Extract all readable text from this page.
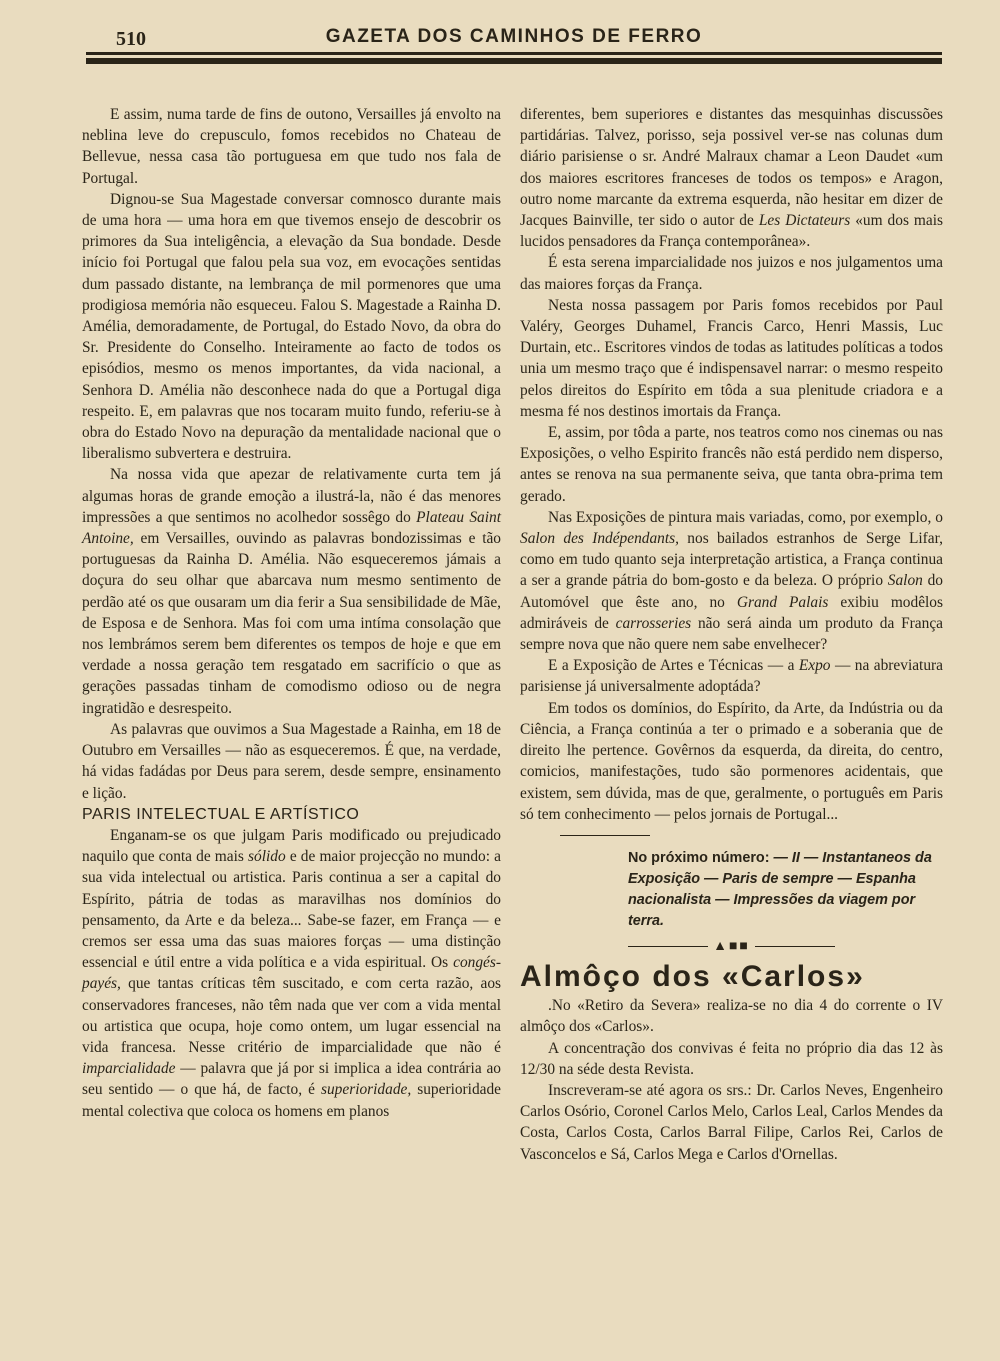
510	GAZETA DOS CAMINHOS DE FERRO

E assim, numa tarde de fins de outono, Versailles já envolto na neblina leve do crepusculo, fomos recebidos no Chateau de Bellevue, nessa casa tão portuguesa em que tudo nos fala de Portugal.

Dignou-se Sua Magestade conversar comnosco durante mais de uma hora — uma hora em que tivemos ensejo de descobrir os primores da Sua inteligência, a elevação da Sua bondade. Desde início foi Portugal que falou pela sua voz, em evocações sentidas dum passado distante, na lembrança de mil pormenores que uma prodigiosa memória não esqueceu. Falou S. Magestade a Rainha D. Amélia, demoradamente, de Portugal, do Estado Novo, da obra do Sr. Presidente do Conselho. Inteiramente ao facto de todos os episódios, mesmo os menos importantes, da vida nacional, a Senhora D. Amélia não desconhece nada do que a Portugal diga respeito. E, em palavras que nos tocaram muito fundo, referiu-se à obra do Estado Novo na depuração da mentalidade nacional que o liberalismo subvertera e destruira.

Na nossa vida que apezar de relativamente curta tem já algumas horas de grande emoção a ilustrá-la, não é das menores impressões a que sentimos no acolhedor sossêgo do Plateau Saint Antoine, em Versailles, ouvindo as palavras bondozissimas e tão portuguesas da Rainha D. Amélia. Não esqueceremos jámais a doçura do seu olhar que abarcava num mesmo sentimento de perdão até os que ousaram um dia ferir a Sua sensibilidade de Mãe, de Esposa e de Senhora. Mas foi com uma intíma consolação que nos lembrámos serem bem diferentes os tempos de hoje e que em verdade a nossa geração tem resgatado em sacrifício o que as gerações passadas tinham de comodismo odioso ou de negra ingratidão e desrespeito.

As palavras que ouvimos a Sua Magestade a Rainha, em 18 de Outubro em Versailles — não as esqueceremos. É que, na verdade, há vidas fadádas por Deus para serem, desde sempre, ensinamento e lição.

PARIS INTELECTUAL E ARTÍSTICO

Enganam-se os que julgam Paris modificado ou prejudicado naquilo que conta de mais sólido e de maior projecção no mundo: a sua vida intelectual ou artistica. Paris continua a ser a capital do Espírito, pátria de todas as maravilhas nos domínios do pensamento, da Arte e da beleza... Sabe-se fazer, em França — e cremos ser essa uma das suas maiores forças — uma distinção essencial e útil entre a vida política e a vida espiritual. Os congés-payés, que tantas críticas têm suscitado, e com certa razão, aos conservadores franceses, não têm nada que ver com a vida mental ou artistica que ocupa, hoje como ontem, um lugar essencial na vida francesa. Nesse critério de imparcialidade que não é imparcialidade — palavra que já por si implica a idea contrária ao seu sentido — o que há, de facto, é superioridade, superioridade mental colectiva que coloca os homens em planos

diferentes, bem superiores e distantes das mesquinhas discussões partidárias. Talvez, porisso, seja possivel ver-se nas colunas dum diário parisiense o sr. André Malraux chamar a Leon Daudet «um dos maiores escritores franceses de todos os tempos» e Aragon, outro nome marcante da extrema esquerda, não hesitar em dizer de Jacques Bainville, ter sido o autor de Les Dictateurs «um dos mais lucidos pensadores da França contemporânea».

É esta serena imparcialidade nos juizos e nos julgamentos uma das maiores forças da França.

Nesta nossa passagem por Paris fomos recebidos por Paul Valéry, Georges Duhamel, Francis Carco, Henri Massis, Luc Durtain, etc.. Escritores vindos de todas as latitudes políticas a todos unia um mesmo traço que é indispensavel narrar: o mesmo respeito pelos direitos do Espírito em tôda a sua plenitude criadora e a mesma fé nos destinos imortais da França.

E, assim, por tôda a parte, nos teatros como nos cinemas ou nas Exposições, o velho Espirito francês não está perdido nem disperso, antes se renova na sua permanente seiva, que tanta obra-prima tem gerado.

Nas Exposições de pintura mais variadas, como, por exemplo, o Salon des Indépendants, nos bailados estranhos de Serge Lifar, como em tudo quanto seja interpretação artistica, a França continua a ser a grande pátria do bom-gosto e da beleza. O próprio Salon do Automóvel que êste ano, no Grand Palais exibiu modêlos admiráveis de carrosseries não será ainda um produto da França sempre nova que não quere nem sabe envelhecer?

E a Exposição de Artes e Técnicas — a Expo — na abreviatura parisiense já universalmente adoptáda?

Em todos os domínios, do Espírito, da Arte, da Indústria ou da Ciência, a França continúa a ter o primado e a soberania que de direito lhe pertence. Govêrnos da esquerda, da direita, do centro, comicios, manifestações, tudo são pormenores acidentais, que existem, sem dúvida, mas de que, geralmente, o português em Paris só tem conhecimento — pelos jornais de Portugal...

No próximo número: — II — Instantaneos da Exposição — Paris de sempre — Espanha nacionalista — Impressões da viagem por terra.

▲■■

Almôço dos «Carlos»

.No «Retiro da Severa» realiza-se no dia 4 do corrente o IV almôço dos «Carlos».

A concentração dos convivas é feita no próprio dia das 12 às 12/30 na séde desta Revista.

Inscreveram-se até agora os srs.: Dr. Carlos Neves, Engenheiro Carlos Osório, Coronel Carlos Melo, Carlos Leal, Carlos Mendes da Costa, Carlos Costa, Carlos Barral Filipe, Carlos Rei, Carlos de Vasconcelos e Sá, Carlos Mega e Carlos d'Ornellas.
